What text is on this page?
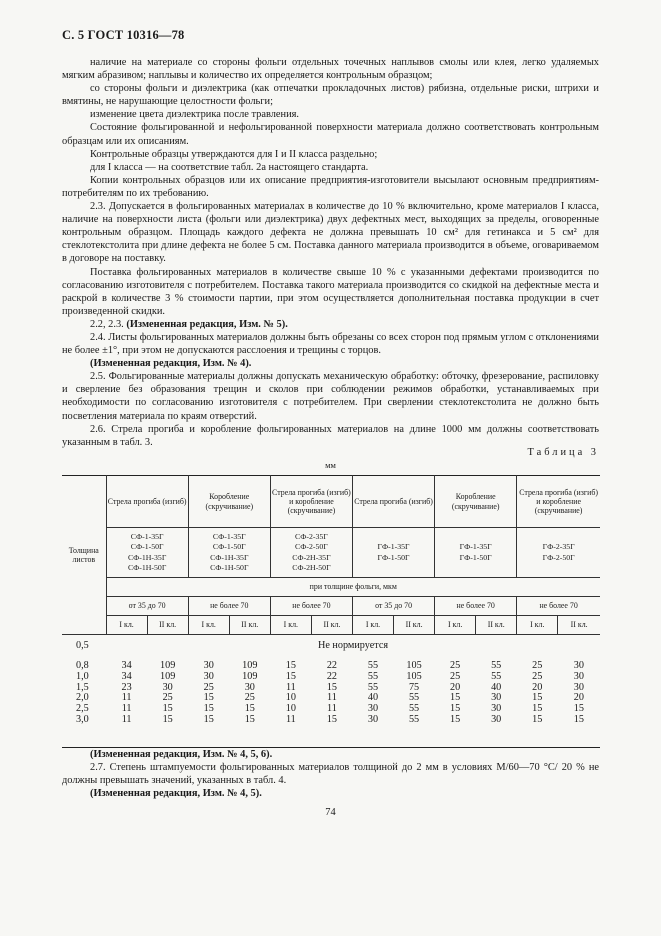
С. 5 ГОСТ 10316—78

наличие на материале со стороны фольги отдельных точечных наплывов смолы или клея, легко удаляемых мягким абразивом; наплывы и количество их определяется контрольным образцом;

со стороны фольги и диэлектрика (как отпечатки прокладочных листов) рябизна, отдельные риски, штрихи и вмятины, не нарушающие целостности фольги;

изменение цвета диэлектрика после травления.

Состояние фольгированной и нефольгированной поверхности материала должно соответствовать контрольным образцам или их описаниям.

Контрольные образцы утверждаются для I и II класса раздельно;

для I класса — на соответствие табл. 2а настоящего стандарта.

Копии контрольных образцов или их описание предприятия-изготовители высылают основным предприятиям-потребителям по их требованию.

2.3. Допускается в фольгированных материалах в количестве до 10 % включительно, кроме материалов I класса, наличие на поверхности листа (фольги или диэлектрика) двух дефектных мест, выходящих за пределы, оговоренные контрольным образцом. Площадь каждого дефекта не должна превышать 10 см² для гетинакса и 5 см² для стеклотекстолита при длине дефекта не более 5 см. Поставка данного материала производится в объеме, оговариваемом в договоре на поставку.

Поставка фольгированных материалов в количестве свыше 10 % с указанными дефектами производится по согласованию изготовителя с потребителем. Поставка такого материала производится со скидкой на дефектные места и раскрой в количестве 3 % стоимости партии, при этом осуществляется дополнительная поставка продукции в счет произведенной скидки.

2.2, 2.3. (Измененная редакция, Изм. № 5).

2.4. Листы фольгированных материалов должны быть обрезаны со всех сторон под прямым углом с отклонениями не более ±1°, при этом не допускаются расслоения и трещины с торцов.

(Измененная редакция, Изм. № 4).

2.5. Фольгированные материалы должны допускать механическую обработку: обточку, фрезерование, распиловку и сверление без образования трещин и сколов при соблюдении режимов обработки, устанавливаемых при необходимости по согласованию изготовителя с потребителем. При сверлении стеклотекстолита не должно быть посветления материала по краям отверстий.

2.6. Стрела прогиба и коробление фольгированных материалов на длине 1000 мм должны соответствовать указанным в табл. 3.

Таблица 3
мм
Толщина листов	Стрела прогиба (изгиб)		Коробление (скручивание)		Стрела прогиба (изгиб) и коробление (скручивание)		Стрела прогиба (изгиб)		Коробление (скручивание)		Стрела прогиба (изгиб) и коробление (скручивание)	

	СФ-1-35Г
СФ-1-50Г
СФ-1Н-35Г
СФ-1Н-50Г		СФ-1-35Г
СФ-1-50Г
СФ-1Н-35Г
СФ-1Н-50Г		СФ-2-35Г
СФ-2-50Г
СФ-2Н-35Г
СФ-2Н-50Г		ГФ-1-35Г
ГФ-1-50Г		ГФ-1-35Г
ГФ-1-50Г		ГФ-2-35Г
ГФ-2-50Г	

	при толщине фольги, мкм											
	от 35 до 70		не более 70		не более 70		от 35 до 70		не более 70		не более 70	
	I кл.	II кл.	I кл.	II кл.	I кл.	II кл.	I кл.	II кл.	I кл.	II кл.	I кл.	II кл.
0,5	Не нормируется											
0,8	34	109	30	109	15	22	55	105	25	55	25	30
1,0	34	109	30	109	15	22	55	105	25	55	25	30
1,5	23	30	25	30	11	15	55	75	20	40	20	30
2,0	11	25	15	25	10	11	40	55	15	30	15	20
2,5	11	15	15	15	10	11	30	55	15	30	15	15
3,0	11	15	15	15	11	15	30	55	15	30	15	15

(Измененная редакция, Изм. № 4, 5, 6).

2.7. Степень штампуемости фольгированных материалов толщиной до 2 мм в условиях М/60—70 °С/ 20 % не должны превышать значений, указанных в табл. 4.

(Измененная редакция, Изм. № 4, 5).

74
